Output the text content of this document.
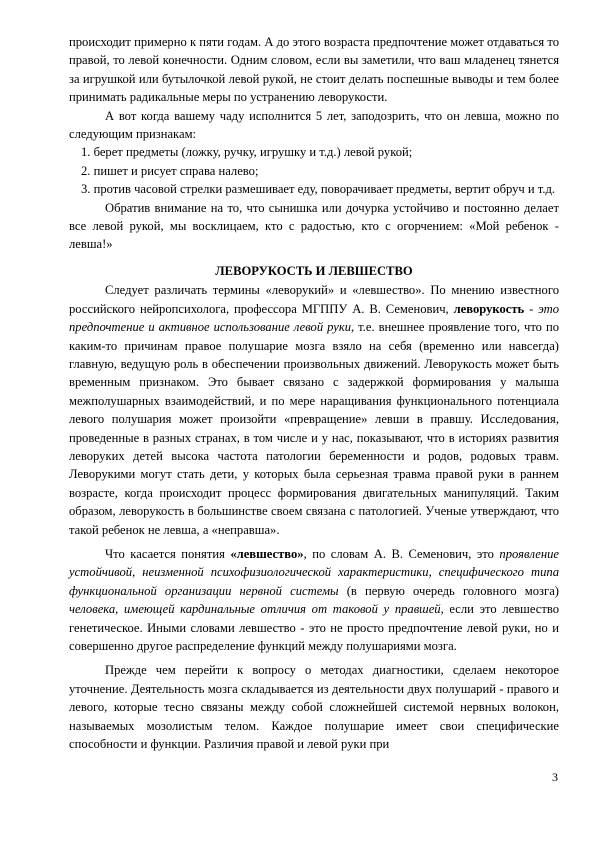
происходит примерно к пяти годам. А до этого возраста предпочтение может отдаваться то правой, то левой конечности. Одним словом, если вы заметили, что ваш младенец тянется за игрушкой или бутылочкой левой рукой, не стоит делать поспешные выводы и тем более принимать радикальные меры по устранению леворукости.

А вот когда вашему чаду исполнится 5 лет, заподозрить, что он левша, можно по следующим признакам:

1. берет предметы (ложку, ручку, игрушку и т.д.) левой рукой;

2. пишет и рисует справа налево;

3. против часовой стрелки размешивает еду, поворачивает предметы, вертит обруч и т.д.

Обратив внимание на то, что сынишка или дочурка устойчиво и постоянно делает все левой рукой, мы восклицаем, кто с радостью, кто с огорчением: «Мой ребенок - левша!»

ЛЕВОРУКОСТЬ И ЛЕВШЕСТВО

Следует различать термины «леворукий» и «левшество». По мнению известного российского нейропсихолога, профессора МГППУ А. В. Семенович, леворукость - это предпочтение и активное использование левой руки, т.е. внешнее проявление того, что по каким-то причинам правое полушарие мозга взяло на себя (временно или навсегда) главную, ведущую роль в обеспечении произвольных движений. Леворукость может быть временным признаком. Это бывает связано с задержкой формирования у малыша межполушарных взаимодействий, и по мере наращивания функционального потенциала левого полушария может произойти «превращение» левши в правшу. Исследования, проведенные в разных странах, в том числе и у нас, показывают, что в историях развития леворуких детей высока частота патологии беременности и родов, родовых травм. Леворукими могут стать дети, у которых была серьезная травма правой руки в раннем возрасте, когда происходит процесс формирования двигательных манипуляций. Таким образом, леворукость в большинстве своем связана с патологией. Ученые утверждают, что такой ребенок не левша, а «неправша».

Что касается понятия «левшество», по словам А. В. Семенович, это проявление устойчивой, неизменной психофизиологической характеристики, специфического типа функциональной организации нервной системы (в первую очередь головного мозга) человека, имеющей кардинальные отличия от таковой у правшей, если это левшество генетическое. Иными словами левшество - это не просто предпочтение левой руки, но и совершенно другое распределение функций между полушариями мозга.

Прежде чем перейти к вопросу о методах диагностики, сделаем некоторое уточнение. Деятельность мозга складывается из деятельности двух полушарий - правого и левого, которые тесно связаны между собой сложнейшей системой нервных волокон, называемых мозолистым телом. Каждое полушарие имеет свои специфические способности и функции. Различия правой и левой руки при

3
